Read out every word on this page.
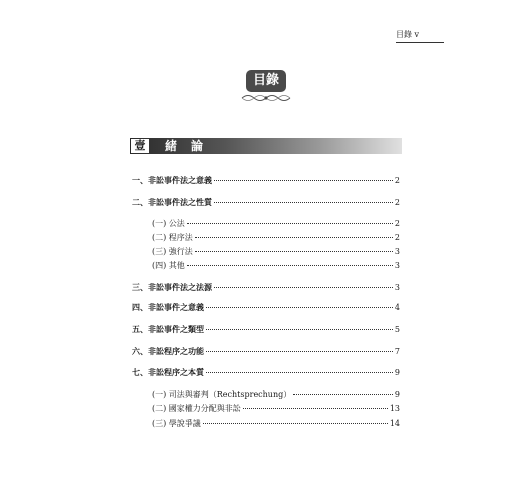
目錄 v
目錄
壹 緒論
一、非訟事件法之意義	2
二、非訟事件法之性質	2
(一) 公法	2
(二) 程序法	2
(三) 強行法	3
(四) 其他	3
三、非訟事件法之法源	3
四、非訟事件之意義	4
五、非訟事件之類型	5
六、非訟程序之功能	7
七、非訟程序之本質	9
(一) 司法與審判（Rechtsprechung）	9
(二) 國家權力分配與非訟	13
(三) 學說爭議	14
